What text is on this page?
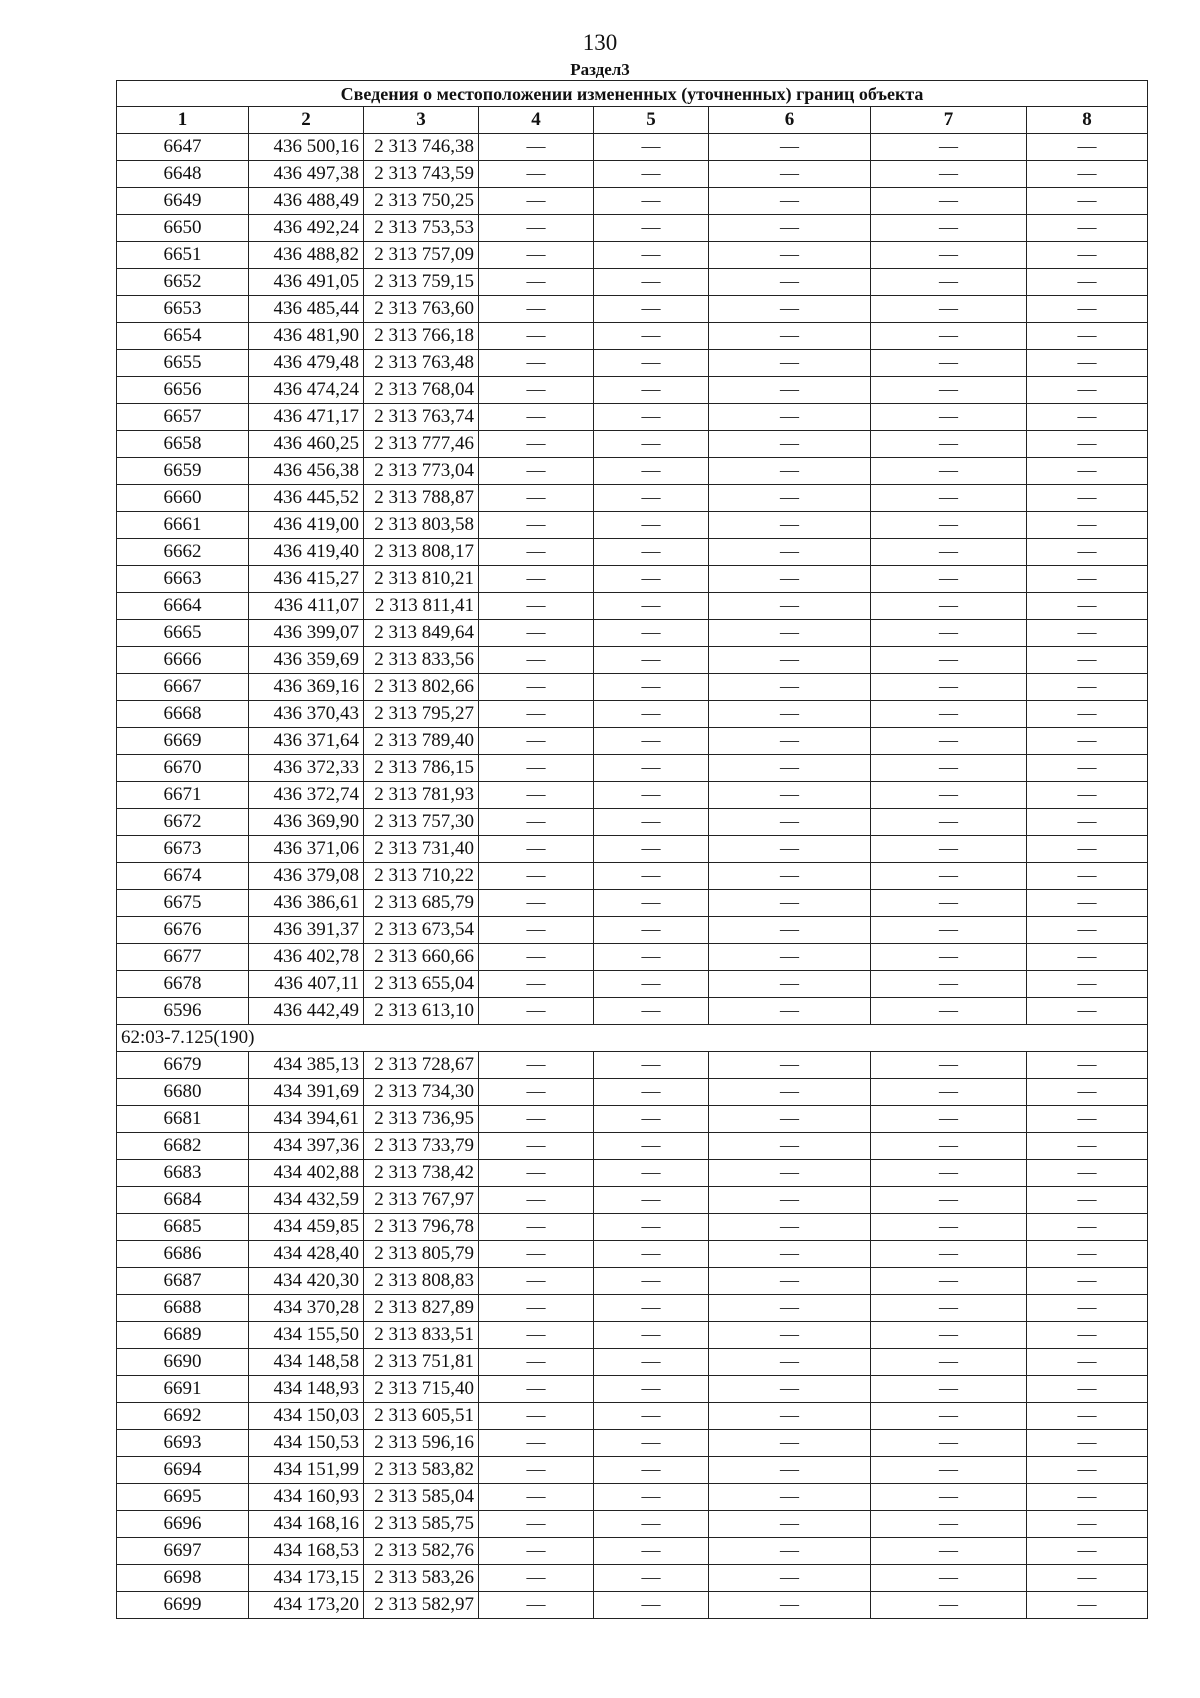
130
Раздел3
Сведения о местоположении измененных (уточненных) границ объекта							
1	2	3	4	5	6	7	8
6647	436 500,16	2 313 746,38	—	—	—	—	—
6648	436 497,38	2 313 743,59	—	—	—	—	—
6649	436 488,49	2 313 750,25	—	—	—	—	—
6650	436 492,24	2 313 753,53	—	—	—	—	—
6651	436 488,82	2 313 757,09	—	—	—	—	—
6652	436 491,05	2 313 759,15	—	—	—	—	—
6653	436 485,44	2 313 763,60	—	—	—	—	—
6654	436 481,90	2 313 766,18	—	—	—	—	—
6655	436 479,48	2 313 763,48	—	—	—	—	—
6656	436 474,24	2 313 768,04	—	—	—	—	—
6657	436 471,17	2 313 763,74	—	—	—	—	—
6658	436 460,25	2 313 777,46	—	—	—	—	—
6659	436 456,38	2 313 773,04	—	—	—	—	—
6660	436 445,52	2 313 788,87	—	—	—	—	—
6661	436 419,00	2 313 803,58	—	—	—	—	—
6662	436 419,40	2 313 808,17	—	—	—	—	—
6663	436 415,27	2 313 810,21	—	—	—	—	—
6664	436 411,07	2 313 811,41	—	—	—	—	—
6665	436 399,07	2 313 849,64	—	—	—	—	—
6666	436 359,69	2 313 833,56	—	—	—	—	—
6667	436 369,16	2 313 802,66	—	—	—	—	—
6668	436 370,43	2 313 795,27	—	—	—	—	—
6669	436 371,64	2 313 789,40	—	—	—	—	—
6670	436 372,33	2 313 786,15	—	—	—	—	—
6671	436 372,74	2 313 781,93	—	—	—	—	—
6672	436 369,90	2 313 757,30	—	—	—	—	—
6673	436 371,06	2 313 731,40	—	—	—	—	—
6674	436 379,08	2 313 710,22	—	—	—	—	—
6675	436 386,61	2 313 685,79	—	—	—	—	—
6676	436 391,37	2 313 673,54	—	—	—	—	—
6677	436 402,78	2 313 660,66	—	—	—	—	—
6678	436 407,11	2 313 655,04	—	—	—	—	—
6596	436 442,49	2 313 613,10	—	—	—	—	—
62:03-7.125(190)							
6679	434 385,13	2 313 728,67	—	—	—	—	—
6680	434 391,69	2 313 734,30	—	—	—	—	—
6681	434 394,61	2 313 736,95	—	—	—	—	—
6682	434 397,36	2 313 733,79	—	—	—	—	—
6683	434 402,88	2 313 738,42	—	—	—	—	—
6684	434 432,59	2 313 767,97	—	—	—	—	—
6685	434 459,85	2 313 796,78	—	—	—	—	—
6686	434 428,40	2 313 805,79	—	—	—	—	—
6687	434 420,30	2 313 808,83	—	—	—	—	—
6688	434 370,28	2 313 827,89	—	—	—	—	—
6689	434 155,50	2 313 833,51	—	—	—	—	—
6690	434 148,58	2 313 751,81	—	—	—	—	—
6691	434 148,93	2 313 715,40	—	—	—	—	—
6692	434 150,03	2 313 605,51	—	—	—	—	—
6693	434 150,53	2 313 596,16	—	—	—	—	—
6694	434 151,99	2 313 583,82	—	—	—	—	—
6695	434 160,93	2 313 585,04	—	—	—	—	—
6696	434 168,16	2 313 585,75	—	—	—	—	—
6697	434 168,53	2 313 582,76	—	—	—	—	—
6698	434 173,15	2 313 583,26	—	—	—	—	—
6699	434 173,20	2 313 582,97	—	—	—	—	—
